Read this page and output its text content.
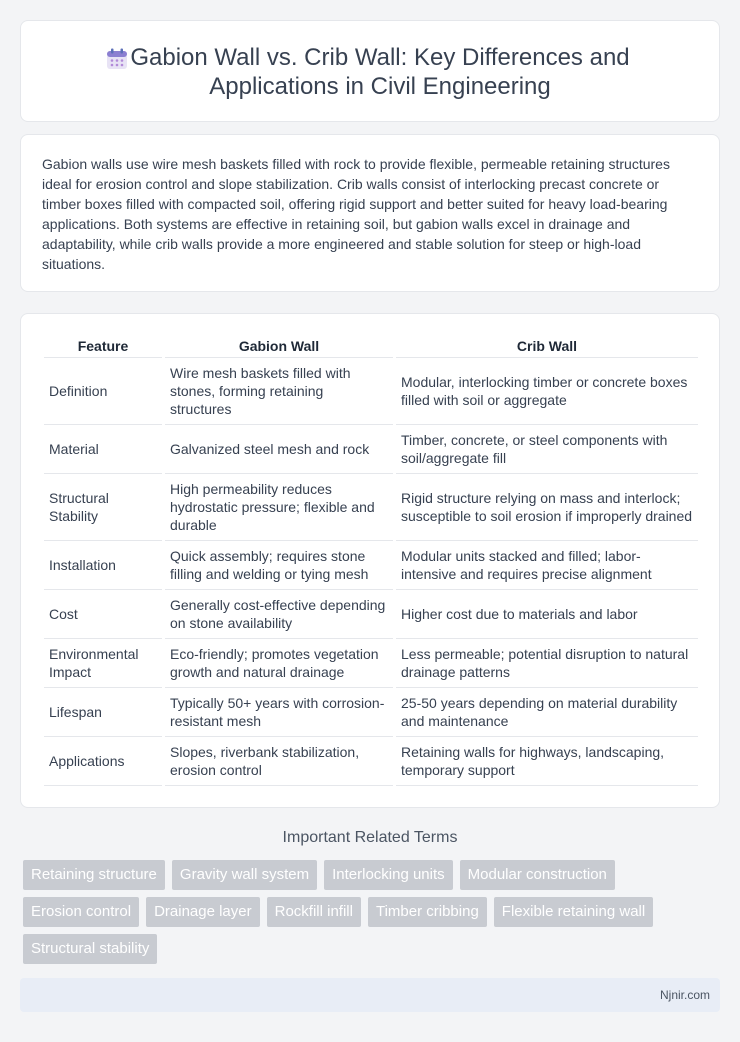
Gabion Wall vs. Crib Wall: Key Differences and Applications in Civil Engineering

Gabion walls use wire mesh baskets filled with rock to provide flexible, permeable retaining structures ideal for erosion control and slope stabilization. Crib walls consist of interlocking precast concrete or timber boxes filled with compacted soil, offering rigid support and better suited for heavy load-bearing applications. Both systems are effective in retaining soil, but gabion walls excel in drainage and adaptability, while crib walls provide a more engineered and stable solution for steep or high-load situations.

Feature	Gabion Wall	Crib Wall
Definition	Wire mesh baskets filled with stones, forming retaining structures	Modular, interlocking timber or concrete boxes filled with soil or aggregate
Material	Galvanized steel mesh and rock	Timber, concrete, or steel components with soil/aggregate fill
Structural Stability	High permeability reduces hydrostatic pressure; flexible and durable	Rigid structure relying on mass and interlock; susceptible to soil erosion if improperly drained
Installation	Quick assembly; requires stone filling and welding or tying mesh	Modular units stacked and filled; labor-intensive and requires precise alignment
Cost	Generally cost-effective depending on stone availability	Higher cost due to materials and labor
Environmental Impact	Eco-friendly; promotes vegetation growth and natural drainage	Less permeable; potential disruption to natural drainage patterns
Lifespan	Typically 50+ years with corrosion-resistant mesh	25-50 years depending on material durability and maintenance
Applications	Slopes, riverbank stabilization, erosion control	Retaining walls for highways, landscaping, temporary support
Important Related Terms
Retaining structure	Gravity wall system	Interlocking units	Modular construction
Erosion control	Drainage layer	Rockfill infill	Timber cribbing	Flexible retaining wall
Structural stability
Njnir.com
